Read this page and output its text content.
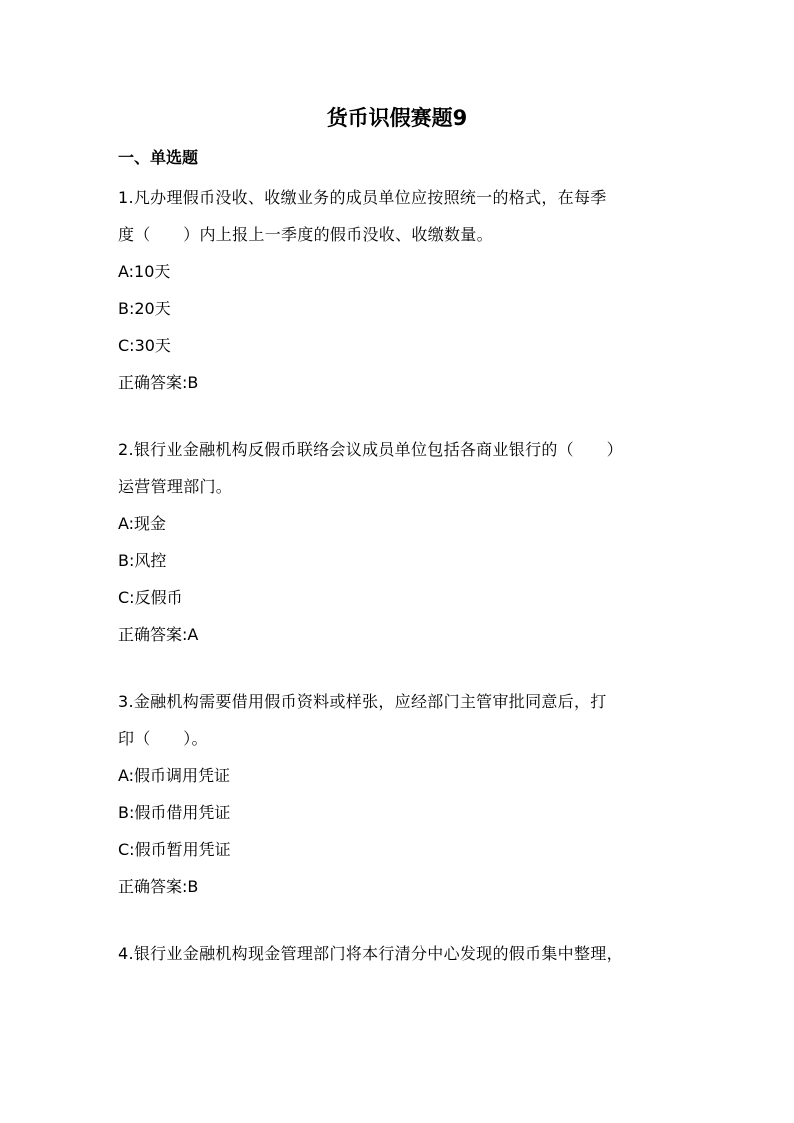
货币识假赛题9
一、单选题

1.凡办理假币没收、收缴业务的成员单位应按照统一的格式，在每季

度（　　）内上报上一季度的假币没收、收缴数量。

A:10天

B:20天

C:30天

正确答案:B

2.银行业金融机构反假币联络会议成员单位包括各商业银行的（　　）

运营管理部门。

A:现金

B:风控

C:反假币

正确答案:A

3.金融机构需要借用假币资料或样张，应经部门主管审批同意后，打

印（　　）。

A:假币调用凭证

B:假币借用凭证

C:假币暂用凭证

正确答案:B

4.银行业金融机构现金管理部门将本行清分中心发现的假币集中整理，
